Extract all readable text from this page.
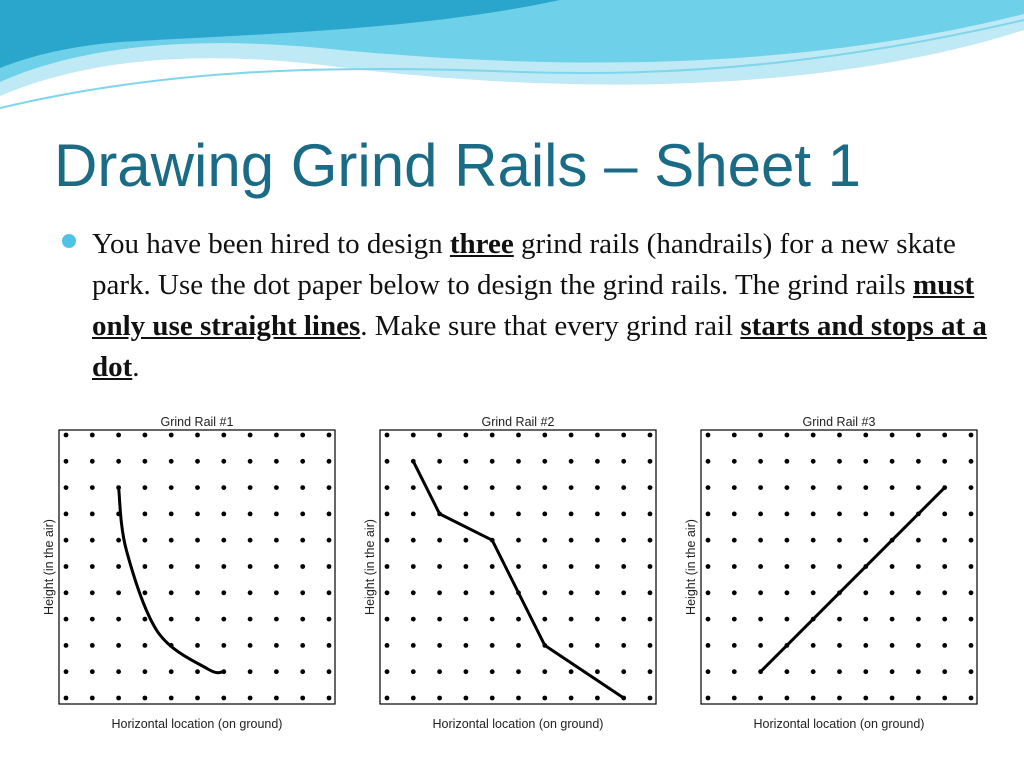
Drawing Grind Rails – Sheet 1

You have been hired to design three grind rails (handrails) for a new skate park. Use the dot paper below to design the grind rails. The grind rails must only use straight lines. Make sure that every grind rail starts and stops at a dot.

Grind Rail #1
Horizontal location (on ground)
Height (in the air)
Grind Rail #2
Horizontal location (on ground)
Height (in the air)
Grind Rail #3
Horizontal location (on ground)
Height (in the air)
